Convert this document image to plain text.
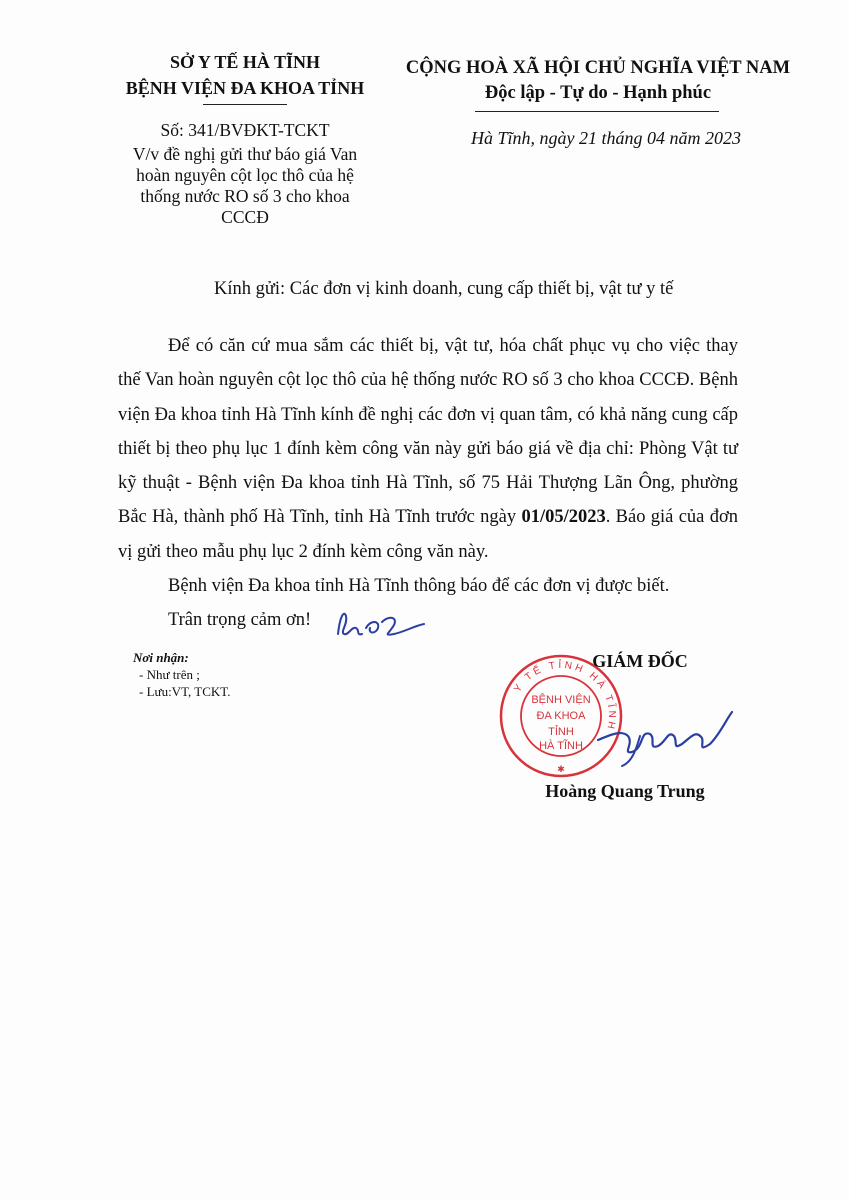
SỞ Y TẾ HÀ TĨNH
BỆNH VIỆN ĐA KHOA TỈNH
Số: 341/BVĐKT-TCKT
V/v đề nghị gửi thư báo giá Van
hoàn nguyên cột lọc thô của hệ
thống nước RO số 3 cho khoa
CCCĐ
CỘNG HOÀ XÃ HỘI CHỦ NGHĨA VIỆT NAM
Độc lập - Tự do - Hạnh phúc
Hà Tĩnh, ngày 21 tháng 04 năm 2023
Kính gửi: Các đơn vị kinh doanh, cung cấp thiết bị, vật tư y tế

Để có căn cứ mua sắm các thiết bị, vật tư, hóa chất phục vụ cho việc thay thế Van hoàn nguyên cột lọc thô của hệ thống nước RO số 3 cho khoa CCCĐ. Bệnh viện Đa khoa tỉnh Hà Tĩnh kính đề nghị các đơn vị quan tâm, có khả năng cung cấp thiết bị theo phụ lục 1 đính kèm công văn này gửi báo giá về địa chỉ: Phòng Vật tư kỹ thuật - Bệnh viện Đa khoa tỉnh Hà Tĩnh, số 75 Hải Thượng Lãn Ông, phường Bắc Hà, thành phố Hà Tĩnh, tỉnh Hà Tĩnh trước ngày 01/05/2023. Báo giá của đơn vị gửi theo mẫu phụ lục 2 đính kèm công văn này.

Bệnh viện Đa khoa tỉnh Hà Tĩnh thông báo để các đơn vị được biết.

Trân trọng cảm ơn!

Nơi nhận:
- Như trên ;
- Lưu:VT, TCKT.	Y TẾ TỈNH HÀ TĨNH
BỆNH VIỆN
ĐA KHOA
TỈNH
HÀ TĨNH
✱
GIÁM ĐỐC
Hoàng Quang Trung
